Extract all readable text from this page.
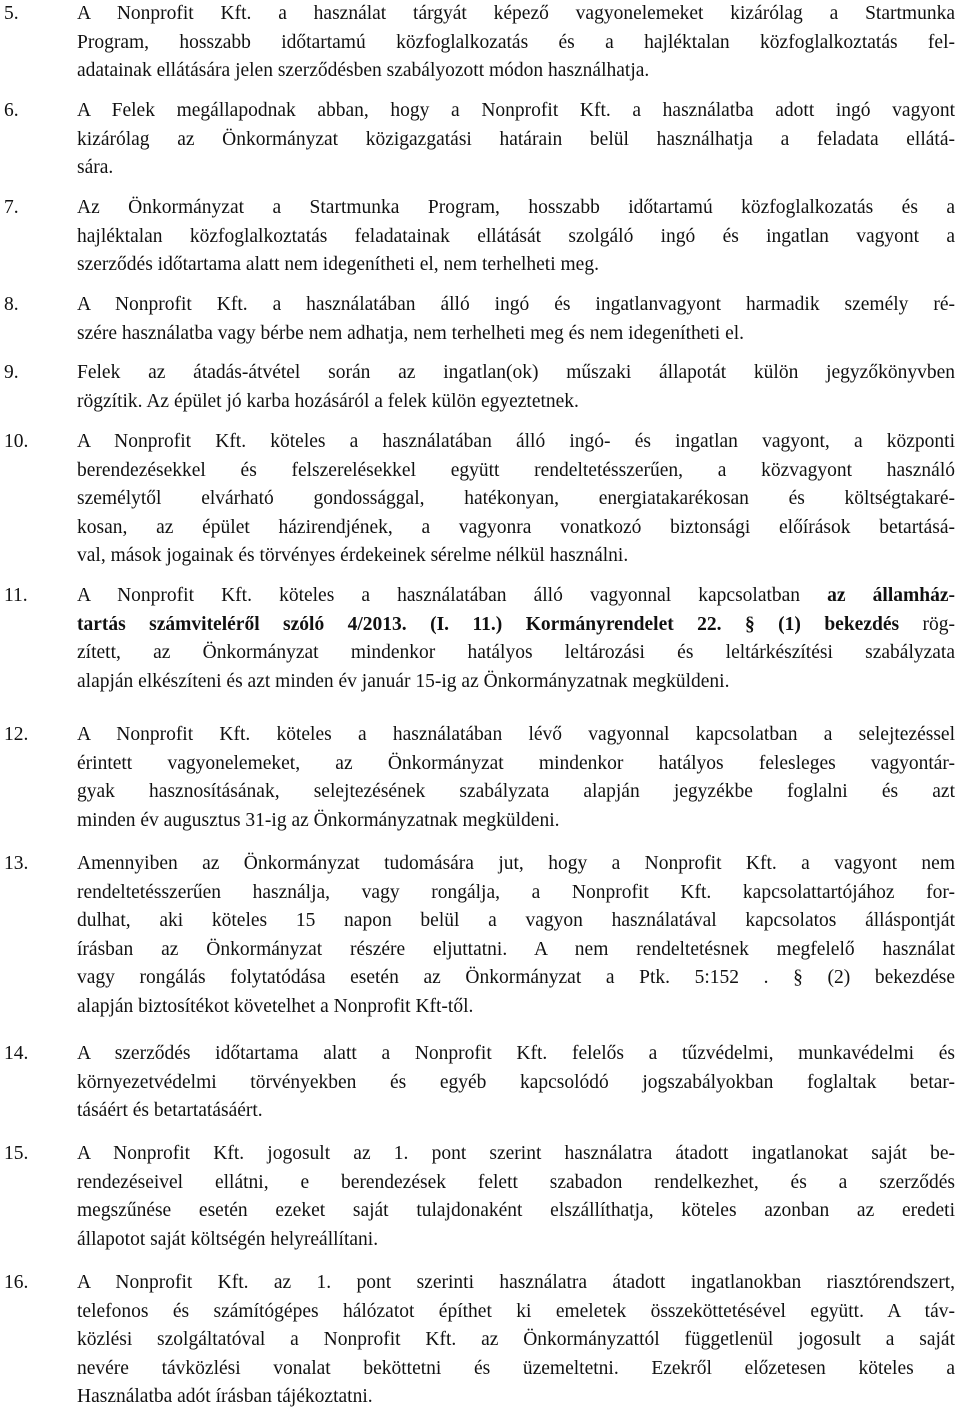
5.	A Nonprofit Kft. a használat tárgyát képező vagyonelemeket kizárólag a Startmunka
Program, hosszabb időtartamú közfoglalkozatás és a hajléktalan közfoglalkoztatás fel-
adatainak ellátására jelen szerződésben szabályozott módon használhatja.
6.	A Felek megállapodnak abban, hogy a Nonprofit Kft. a használatba adott ingó vagyont
kizárólag az Önkormányzat közigazgatási határain belül használhatja a feladata ellátá-
sára.
7.	Az Önkormányzat a Startmunka Program, hosszabb időtartamú közfoglalkozatás és a
hajléktalan közfoglalkoztatás feladatainak ellátását szolgáló ingó és ingatlan vagyont a
szerződés időtartama alatt nem idegenítheti el, nem terhelheti meg.
8.	A Nonprofit Kft. a használatában álló ingó és ingatlanvagyont harmadik személy ré-
szére használatba vagy bérbe nem adhatja, nem terhelheti meg és nem idegenítheti el.
9.	Felek az átadás-átvétel során az ingatlan(ok) műszaki állapotát külön jegyzőkönyvben
rögzítik. Az épület jó karba hozásáról a felek külön egyeztetnek.
10. A Nonprofit Kft. köteles a használatában álló ingó- és ingatlan vagyont, a központi
berendezésekkel és felszerelésekkel együtt rendeltetésszerűen, a közvagyont használó
személytől elvárható gondossággal, hatékonyan, energiatakarékosan és költségtakaré-
kosan, az épület házirendjének, a vagyonra vonatkozó biztonsági előírások betartásá-
val, mások jogainak és törvényes érdekeinek sérelme nélkül használni.
11.	A Nonprofit Kft. köteles a használatában álló vagyonnal kapcsolatban az államház-
tartás számviteléről szóló 4/2013. (I. 11.) Kormányrendelet 22. § (1) bekezdés rög-
zített, az Önkormányzat mindenkor hatályos leltározási és leltárkészítési szabályzata
alapján elkészíteni és azt minden év január 15-ig az Önkormányzatnak megküldeni.
12. A Nonprofit Kft. köteles a használatában lévő vagyonnal kapcsolatban a selejtezéssel
érintett vagyonelemeket, az Önkormányzat mindenkor hatályos felesleges vagyontár-
gyak hasznosításának, selejtezésének szabályzata alapján jegyzékbe foglalni és azt
minden év augusztus 31-ig az Önkormányzatnak megküldeni.
13. Amennyiben az Önkormányzat tudomására jut, hogy a Nonprofit Kft. a vagyont nem
rendeltetésszerűen használja, vagy rongálja, a Nonprofit Kft. kapcsolattartójához for-
dulhat, aki köteles 15 napon belül a vagyon használatával kapcsolatos álláspontját
írásban az Önkormányzat részére eljuttatni. A nem rendeltetésnek megfelelő használat
vagy rongálás folytatódása esetén az Önkormányzat a Ptk. 5:152 . § (2) bekezdése
alapján biztosítékot követelhet a Nonprofit Kft-től.
14. A szerződés időtartama alatt a Nonprofit Kft. felelős a tűzvédelmi, munkavédelmi és
környezetvédelmi törvényekben és egyéb kapcsolódó jogszabályokban foglaltak betar-
tásáért és betartatásáért.
15. A Nonprofit Kft. jogosult az 1. pont szerint használatra átadott ingatlanokat saját be-
rendezéseivel ellátni, e berendezések felett szabadon rendelkezhet, és a szerződés
megszűnése esetén ezeket saját tulajdonaként elszállíthatja, köteles azonban az eredeti
állapotot saját költségén helyreállítani.
16. A Nonprofit Kft. az 1. pont szerinti használatra átadott ingatlanokban riasztórendszert,
telefonos és számítógépes hálózatot építhet ki emeletek összeköttetésével együtt. A táv-
közlési szolgáltatóval a Nonprofit Kft. az Önkormányzattól függetlenül jogosult a saját
nevére távközlési vonalat beköttetni és üzemeltetni. Ezekről előzetesen köteles a
Használatba adót írásban tájékoztatni.
